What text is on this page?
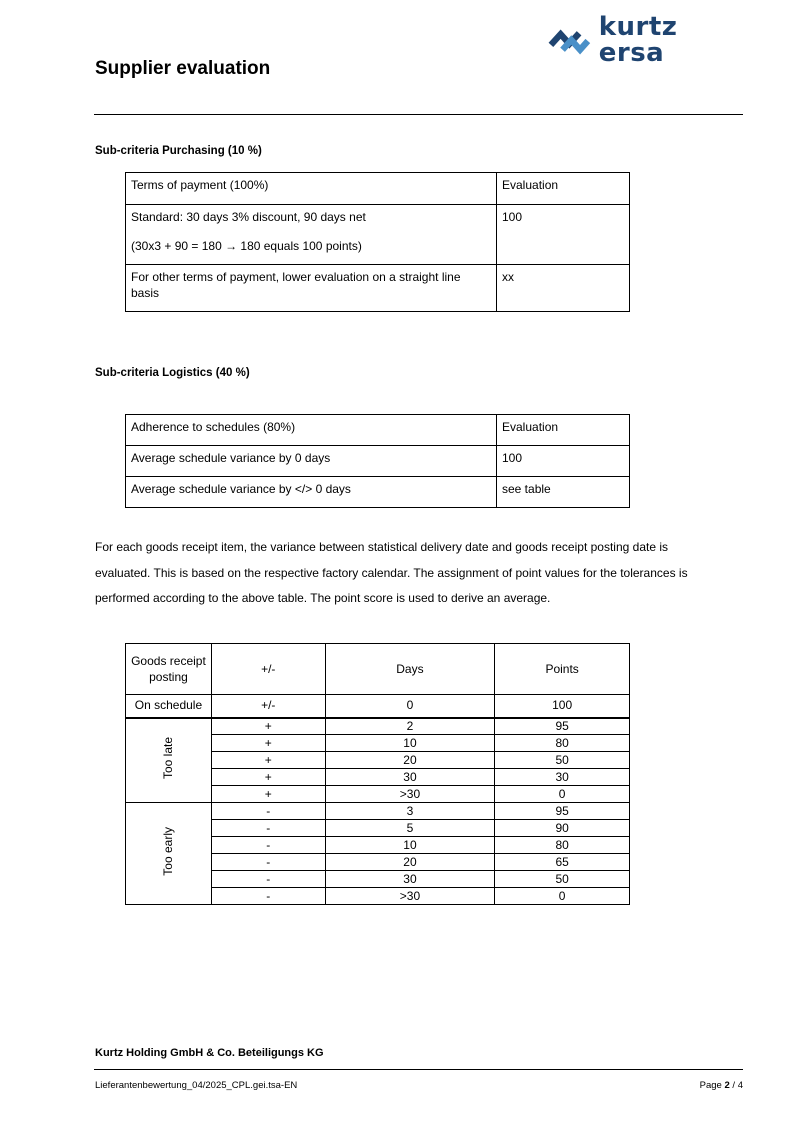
kurtz ersa
Supplier evaluation
Sub-criteria Purchasing (10 %)
Terms of payment (100%)	Evaluation

Standard: 30 days 3% discount, 90 days net
(30x3 + 90 = 180 → 180 equals 100 points)	100
For other terms of payment, lower evaluation on a straight line basis	xx
Sub-criteria Logistics (40 %)
Adherence to schedules (80%)	Evaluation
Average schedule variance by 0 days	100
Average schedule variance by </> 0 days	see table
For each goods receipt item, the variance between statistical delivery date and goods receipt posting date is evaluated. This is based on the respective factory calendar. The assignment of point values for the tolerances is performed according to the above table. The point score is used to derive an average.
Goods receipt posting	+/-	Days	Points
On schedule	+/-	0	100
Too late	+	2	95
	+	10	80
	+	20	50
	+	30	30
	+	>30	0
Too early	-	3	95
	-	5	90
	-	10	80
	-	20	65
	-	30	50
	-	>30	0
Kurtz Holding GmbH & Co. Beteiligungs KG
Lieferantenbewertung_04/2025_CPL.gei.tsa-EN	Page 2 / 4
